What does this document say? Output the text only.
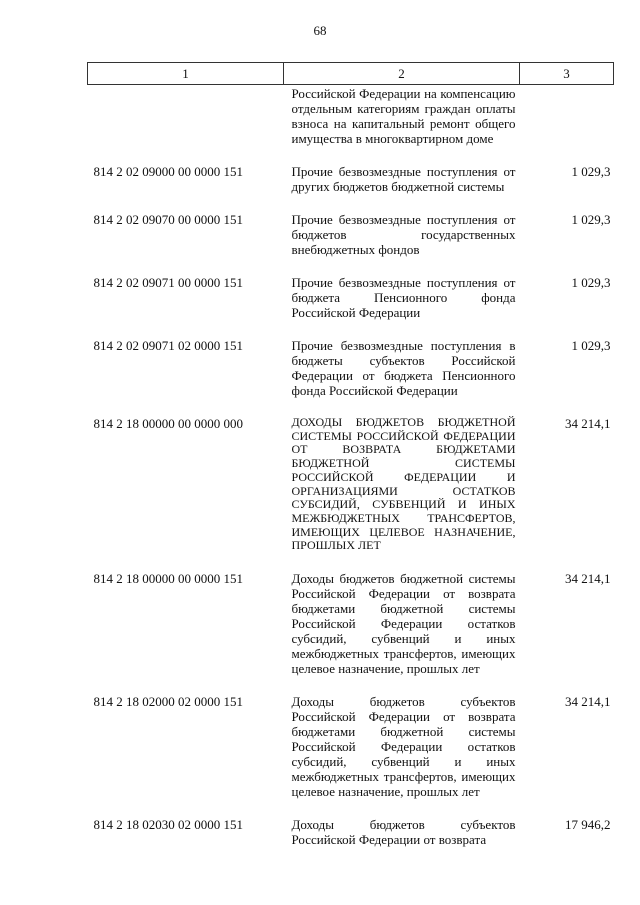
68
1	2	3
	Российской Федерации на компенсацию отдельным категориям граждан оплаты взноса на капитальный ремонт общего имущества в многоквартирном доме	
814 2 02 09000 00 0000 151	Прочие безвозмездные поступления от других бюджетов бюджетной системы	1 029,3
814 2 02 09070 00 0000 151	Прочие безвозмездные поступления от бюджетов государственных внебюджетных фондов	1 029,3
814 2 02 09071 00 0000 151	Прочие безвозмездные поступления от бюджета Пенсионного фонда Российской Федерации	1 029,3
814 2 02 09071 02 0000 151	Прочие безвозмездные поступления в бюджеты субъектов Российской Федерации от бюджета Пенсионного фонда Российской Федерации	1 029,3
814 2 18 00000 00 0000 000	ДОХОДЫ БЮДЖЕТОВ БЮДЖЕТНОЙ СИСТЕМЫ РОССИЙСКОЙ ФЕДЕРАЦИИ ОТ ВОЗВРАТА БЮДЖЕТАМИ БЮДЖЕТНОЙ СИСТЕМЫ РОССИЙСКОЙ ФЕДЕРАЦИИ И ОРГАНИЗАЦИЯМИ ОСТАТКОВ СУБСИДИЙ, СУБВЕНЦИЙ И ИНЫХ МЕЖБЮДЖЕТНЫХ ТРАНСФЕРТОВ, ИМЕЮЩИХ ЦЕЛЕВОЕ НАЗНАЧЕНИЕ, ПРОШЛЫХ ЛЕТ	34 214,1
814 2 18 00000 00 0000 151	Доходы бюджетов бюджетной системы Российской Федерации от возврата бюджетами бюджетной системы Российской Федерации остатков субсидий, субвенций и иных межбюджетных трансфертов, имеющих целевое назначение, прошлых лет	34 214,1
814 2 18 02000 02 0000 151	Доходы бюджетов субъектов Российской Федерации от возврата бюджетами бюджетной системы Российской Федерации остатков субсидий, субвенций и иных межбюджетных трансфертов, имеющих целевое назначение, прошлых лет	34 214,1
814 2 18 02030 02 0000 151	Доходы бюджетов субъектов Российской Федерации от возврата	17 946,2
